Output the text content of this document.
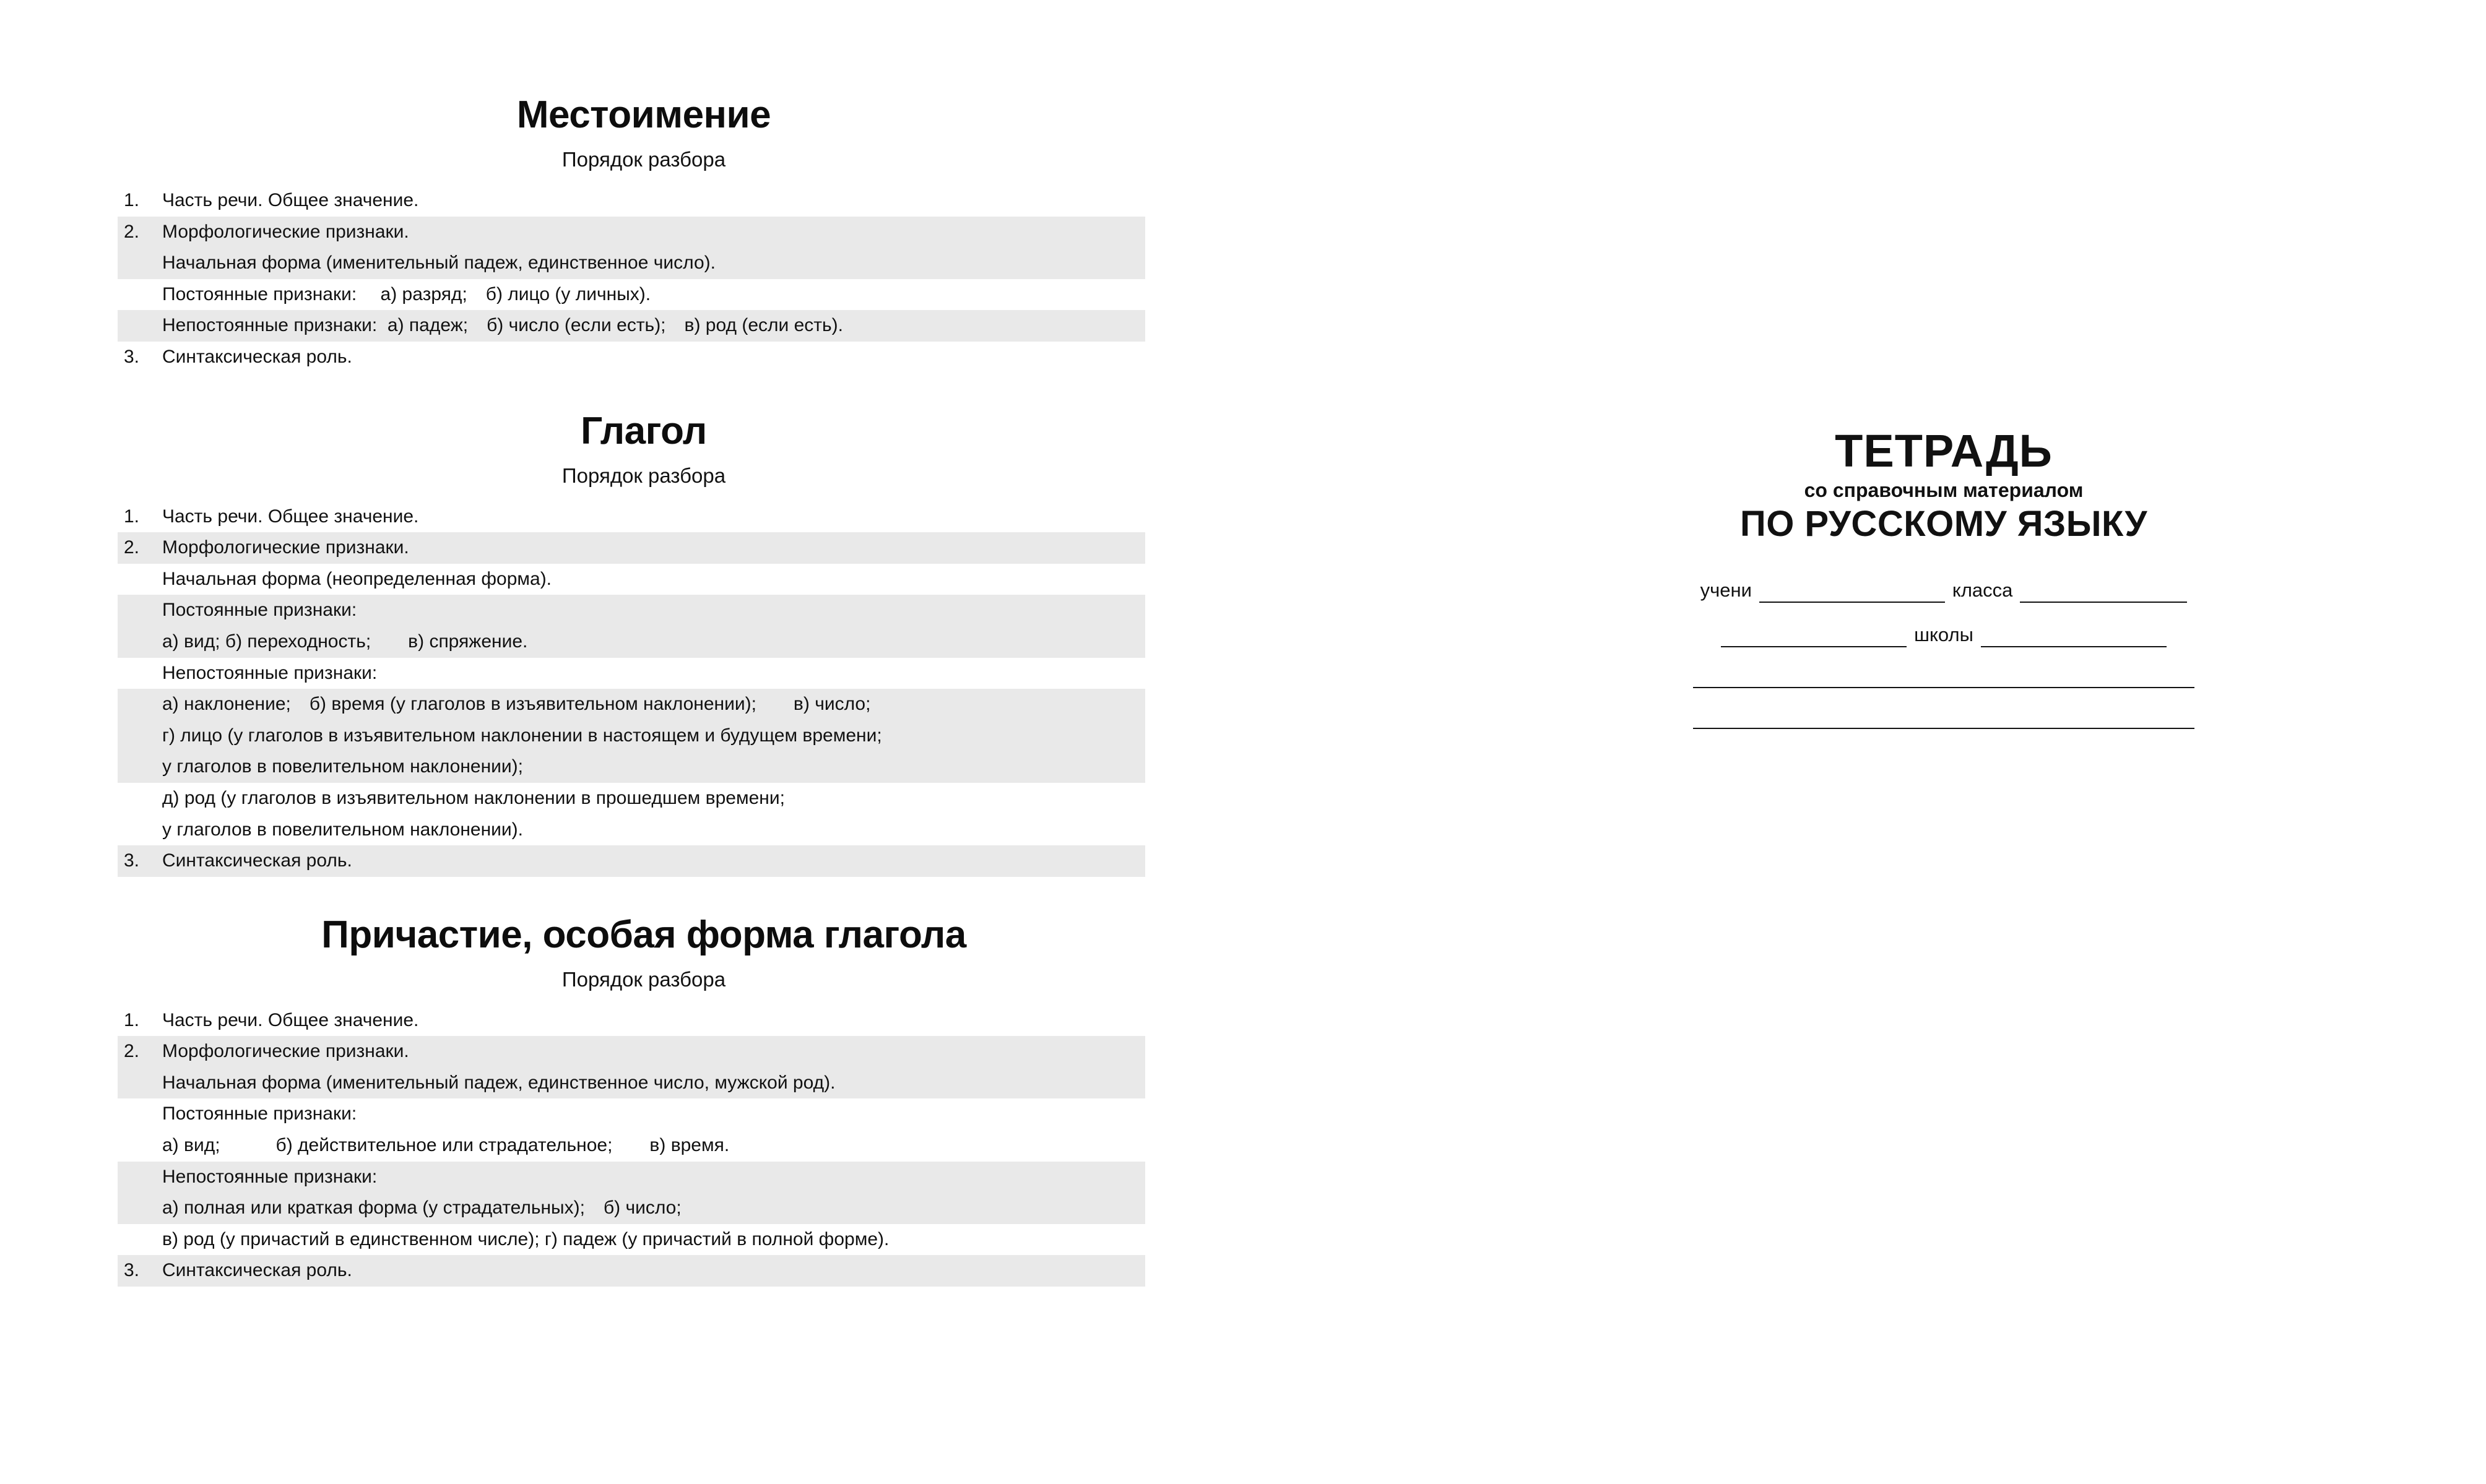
Местоимение
Порядок разбора
1.	Часть речи. Общее значение.
2.	Морфологические признаки.
Начальная форма (именительный падеж, единственное число).
Постоянные признаки:  а) разряд; б) лицо (у личных).
Непостоянные признаки:  а) падеж; б) число (если есть); в) род (если есть).
3.	Синтаксическая роль.
Глагол
Порядок разбора
1.	Часть речи. Общее значение.
2.	Морфологические признаки.
Начальная форма (неопределенная форма).
Постоянные признаки:
а) вид; б) переходность;  в) спряжение.
Непостоянные признаки:
а) наклонение; б) время (у глаголов в изъявительном наклонении);  в) число;
г) лицо (у глаголов в изъявительном наклонении в настоящем и будущем времени;
у глаголов в повелительном наклонении);
д) род (у глаголов в изъявительном наклонении в прошедшем времени;
у глаголов в повелительном наклонении).
3.	Синтаксическая роль.
Причастие, особая форма глагола
Порядок разбора
1.	Часть речи. Общее значение.
2.	Морфологические признаки.
Начальная форма (именительный падеж, единственное число, мужской род).
Постоянные признаки:
а) вид;   б) действительное или страдательное;  в) время.
Непостоянные признаки:
а) полная или краткая форма (у страдательных); б) число;
в) род (у причастий в единственном числе); г) падеж (у причастий в полной форме).
3.	Синтаксическая роль.
ТЕТРАДЬ
со справочным материалом
ПО РУССКОМУ ЯЗЫКУ
учени	класса
школы
